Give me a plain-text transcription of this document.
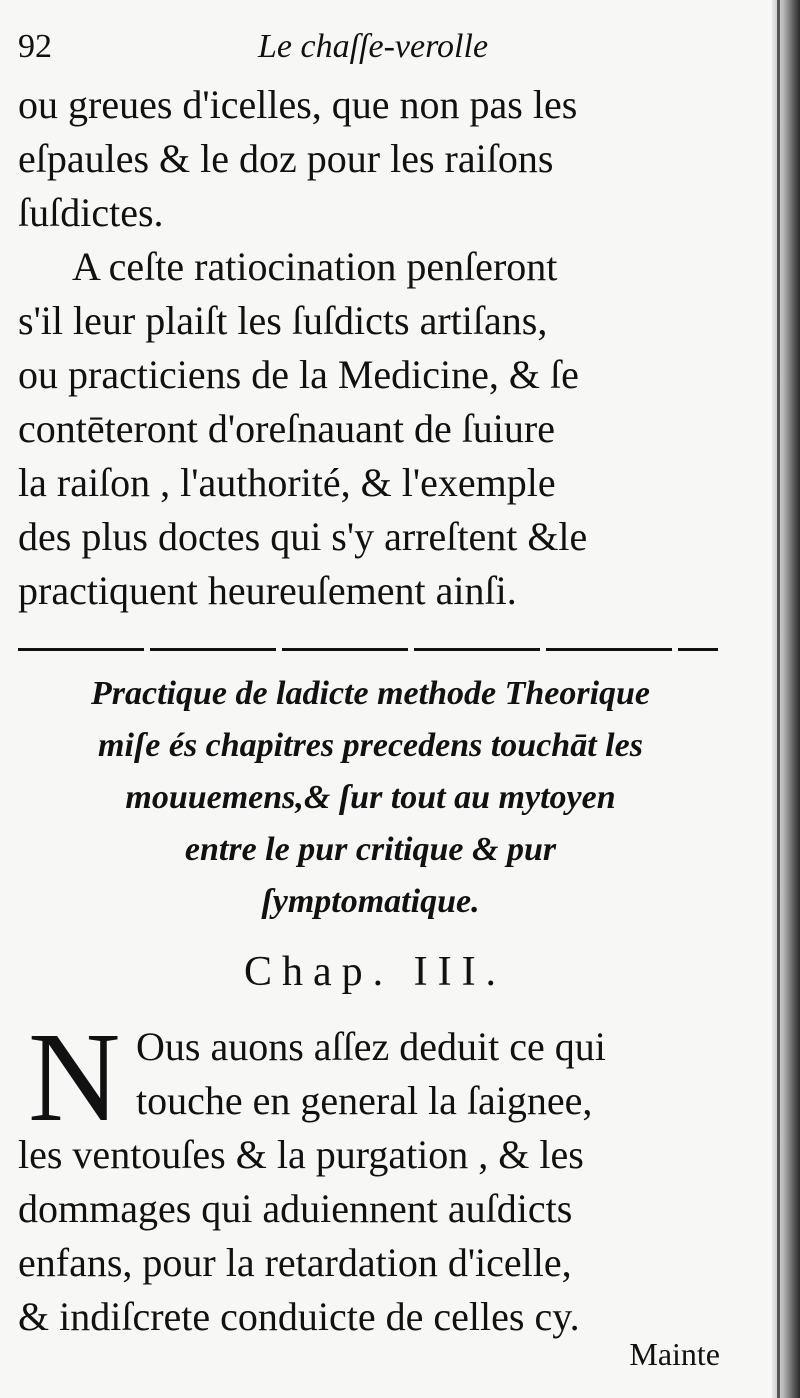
92	Le chaſſe-verolle

ou greues d'icelles, que non pas les

eſpaules & le doz pour les raiſons

ſuſdictes.

A ceſte ratiocination penſeront

s'il leur plaiſt les ſuſdicts artiſans,

ou practiciens de la Medicine, & ſe

contēteront d'oreſnauant de ſuiure

la raiſon , l'authorité, & l'exemple

des plus doctes qui s'y arreſtent &le

practiquent heureuſement ainſi.

Practique de ladicte methode Theorique
miſe és chapitres precedens touchāt les
mouuemens,& ſur tout au mytoyen
entre le pur critique & pur
ſymptomatique.
Chap. III.
N Ous auons aſſez deduit ce qui
touche en general la ſaignee,
les ventouſes & la purgation , & les
dommages qui aduiennent auſdicts
enfans, pour la retardation d'icelle,
& indiſcrete conduicte de celles cy.
Mainte
